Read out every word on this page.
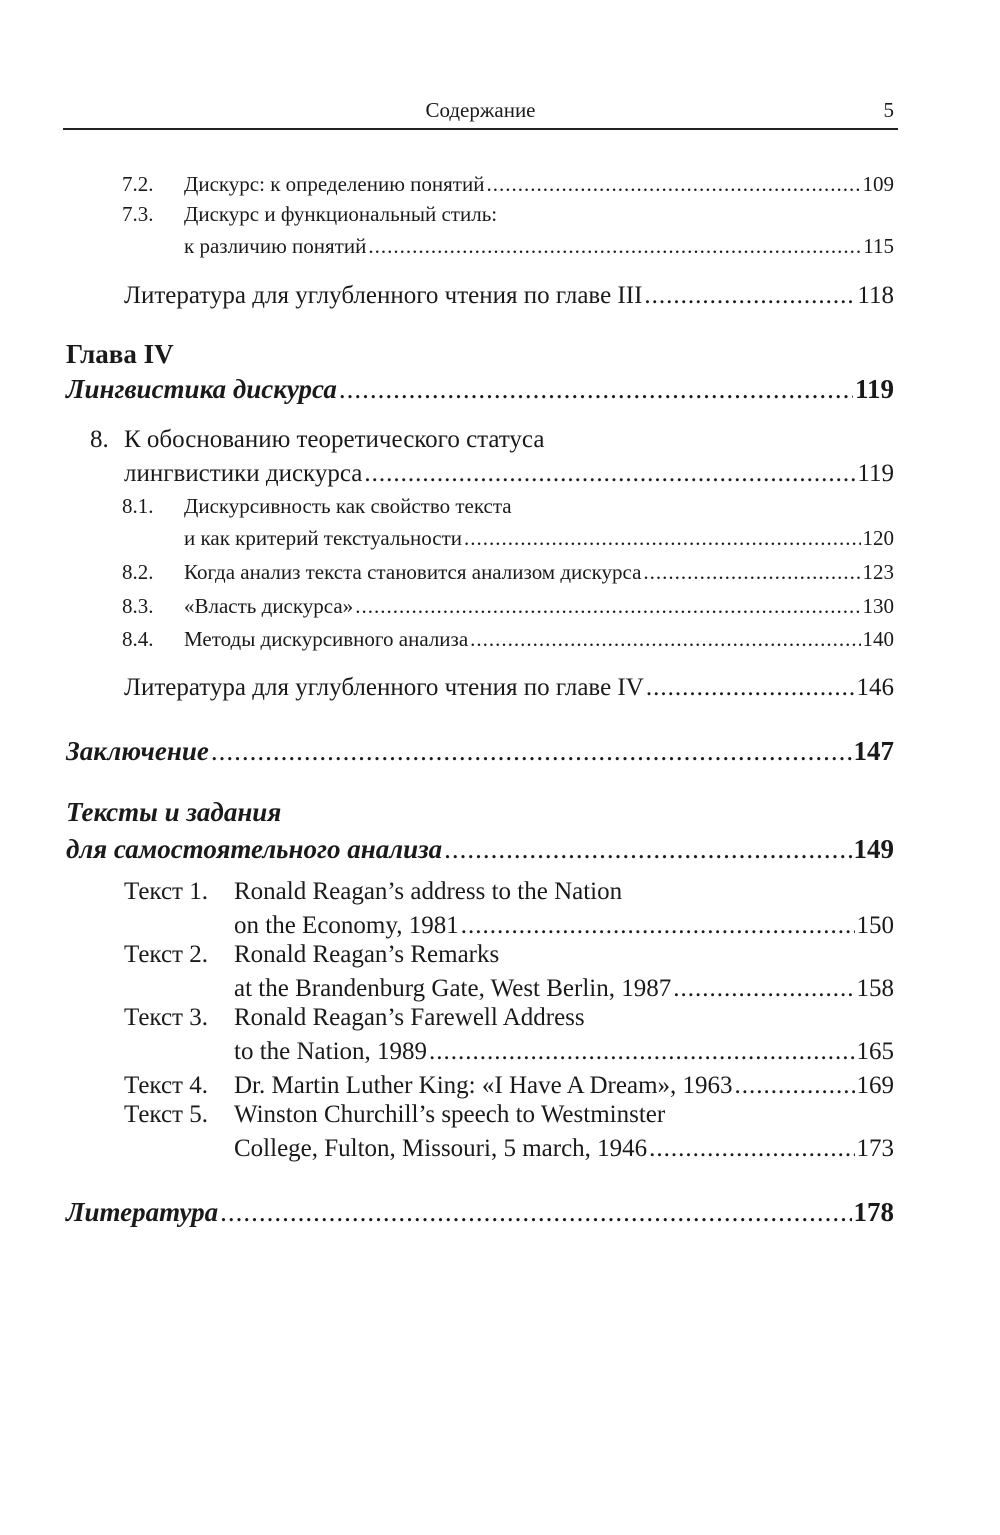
Содержание	5
7.2.	Дискурс: к определению понятий .....	109
7.3. Дискурс и функциональный стиль:
к различию понятий .....	115
Литература для углубленного чтения по главе III .....	118
Глава IV
Лингвистика дискурса .....	119
8. К обоснованию теоретического статуса
лингвистики дискурса .....	119
8.1. Дискурсивность как свойство текста
и как критерий текстуальности .....	120
8.2.	Когда анализ текста становится анализом дискурса .....	123
8.3.	«Власть дискурса» .....	130
8.4.	Методы дискурсивного анализа .....	140
Литература для углубленного чтения по главе IV .....	146
Заключение .....	147
Тексты и задания
для самостоятельного анализа .....	149
Текст 1. Ronald Reagan’s address to the Nation
on the Economy, 1981 .....	150
Текст 2. Ronald Reagan’s Remarks
at the Brandenburg Gate, West Berlin, 1987 .....	158
Текст 3. Ronald Reagan’s Farewell Address
to the Nation, 1989 .....	165
Текст 4.	Dr. Martin Luther King: «I Have A Dream», 1963 .....	169
Текст 5. Winston Churchill’s speech to Westminster
College, Fulton, Missouri, 5 march, 1946 .....	173
Литература .....	178
